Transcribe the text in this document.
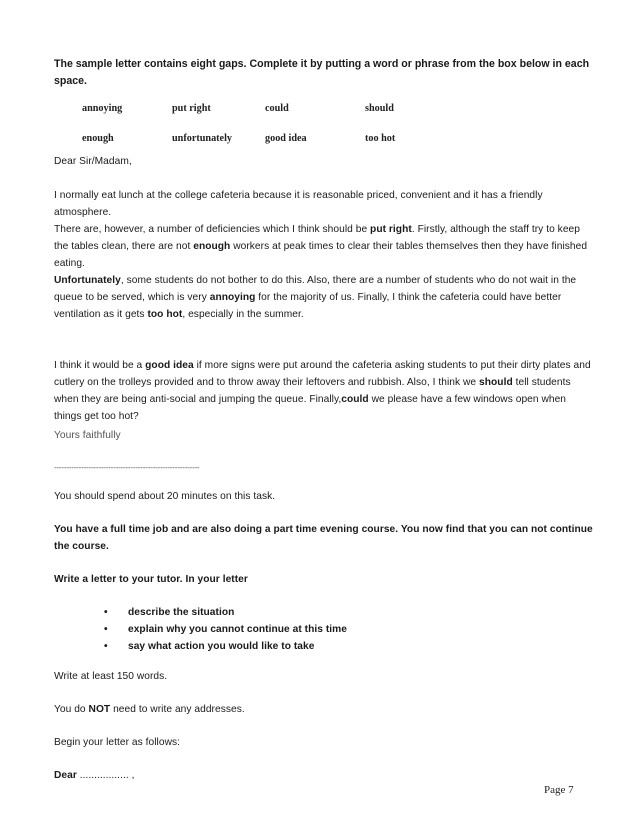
The sample letter contains eight gaps. Complete it by putting a word or phrase from the box below in each space.
annoying	put right	could	should
enough	unfortunately	good idea	too hot
Dear Sir/Madam,

I normally eat lunch at the college cafeteria because it is reasonable priced, convenient and it has a friendly atmosphere.

There are, however, a number of deficiencies which I think should be put right. Firstly, although the staff try to keep the tables clean, there are not enough workers at peak times to clear their tables themselves then they have finished eating.

Unfortunately, some students do not bother to do this. Also, there are a number of students who do not wait in the queue to be served, which is very annoying for the majority of us. Finally, I think the cafeteria could have better ventilation as it gets too hot, especially in the summer.

I think it would be a good idea if more signs were put around the cafeteria asking students to put their dirty plates and cutlery on the trolleys provided and to throw away their leftovers and rubbish. Also, I think we should tell students when they are being anti-social and jumping the queue. Finally,could we please have a few windows open when things get too hot?

Yours faithfully
-----------------------------------------------------------
You should spend about 20 minutes on this task.
You have a full time job and are also doing a part time evening course. You now find that you can not continue the course.
Write a letter to your tutor. In your letter
• describe the situation
• explain why you cannot continue at this time
• say what action you would like to take
Write at least 150 words.
You do NOT need to write any addresses.
Begin your letter as follows:
Dear ................. ,
Page 7
